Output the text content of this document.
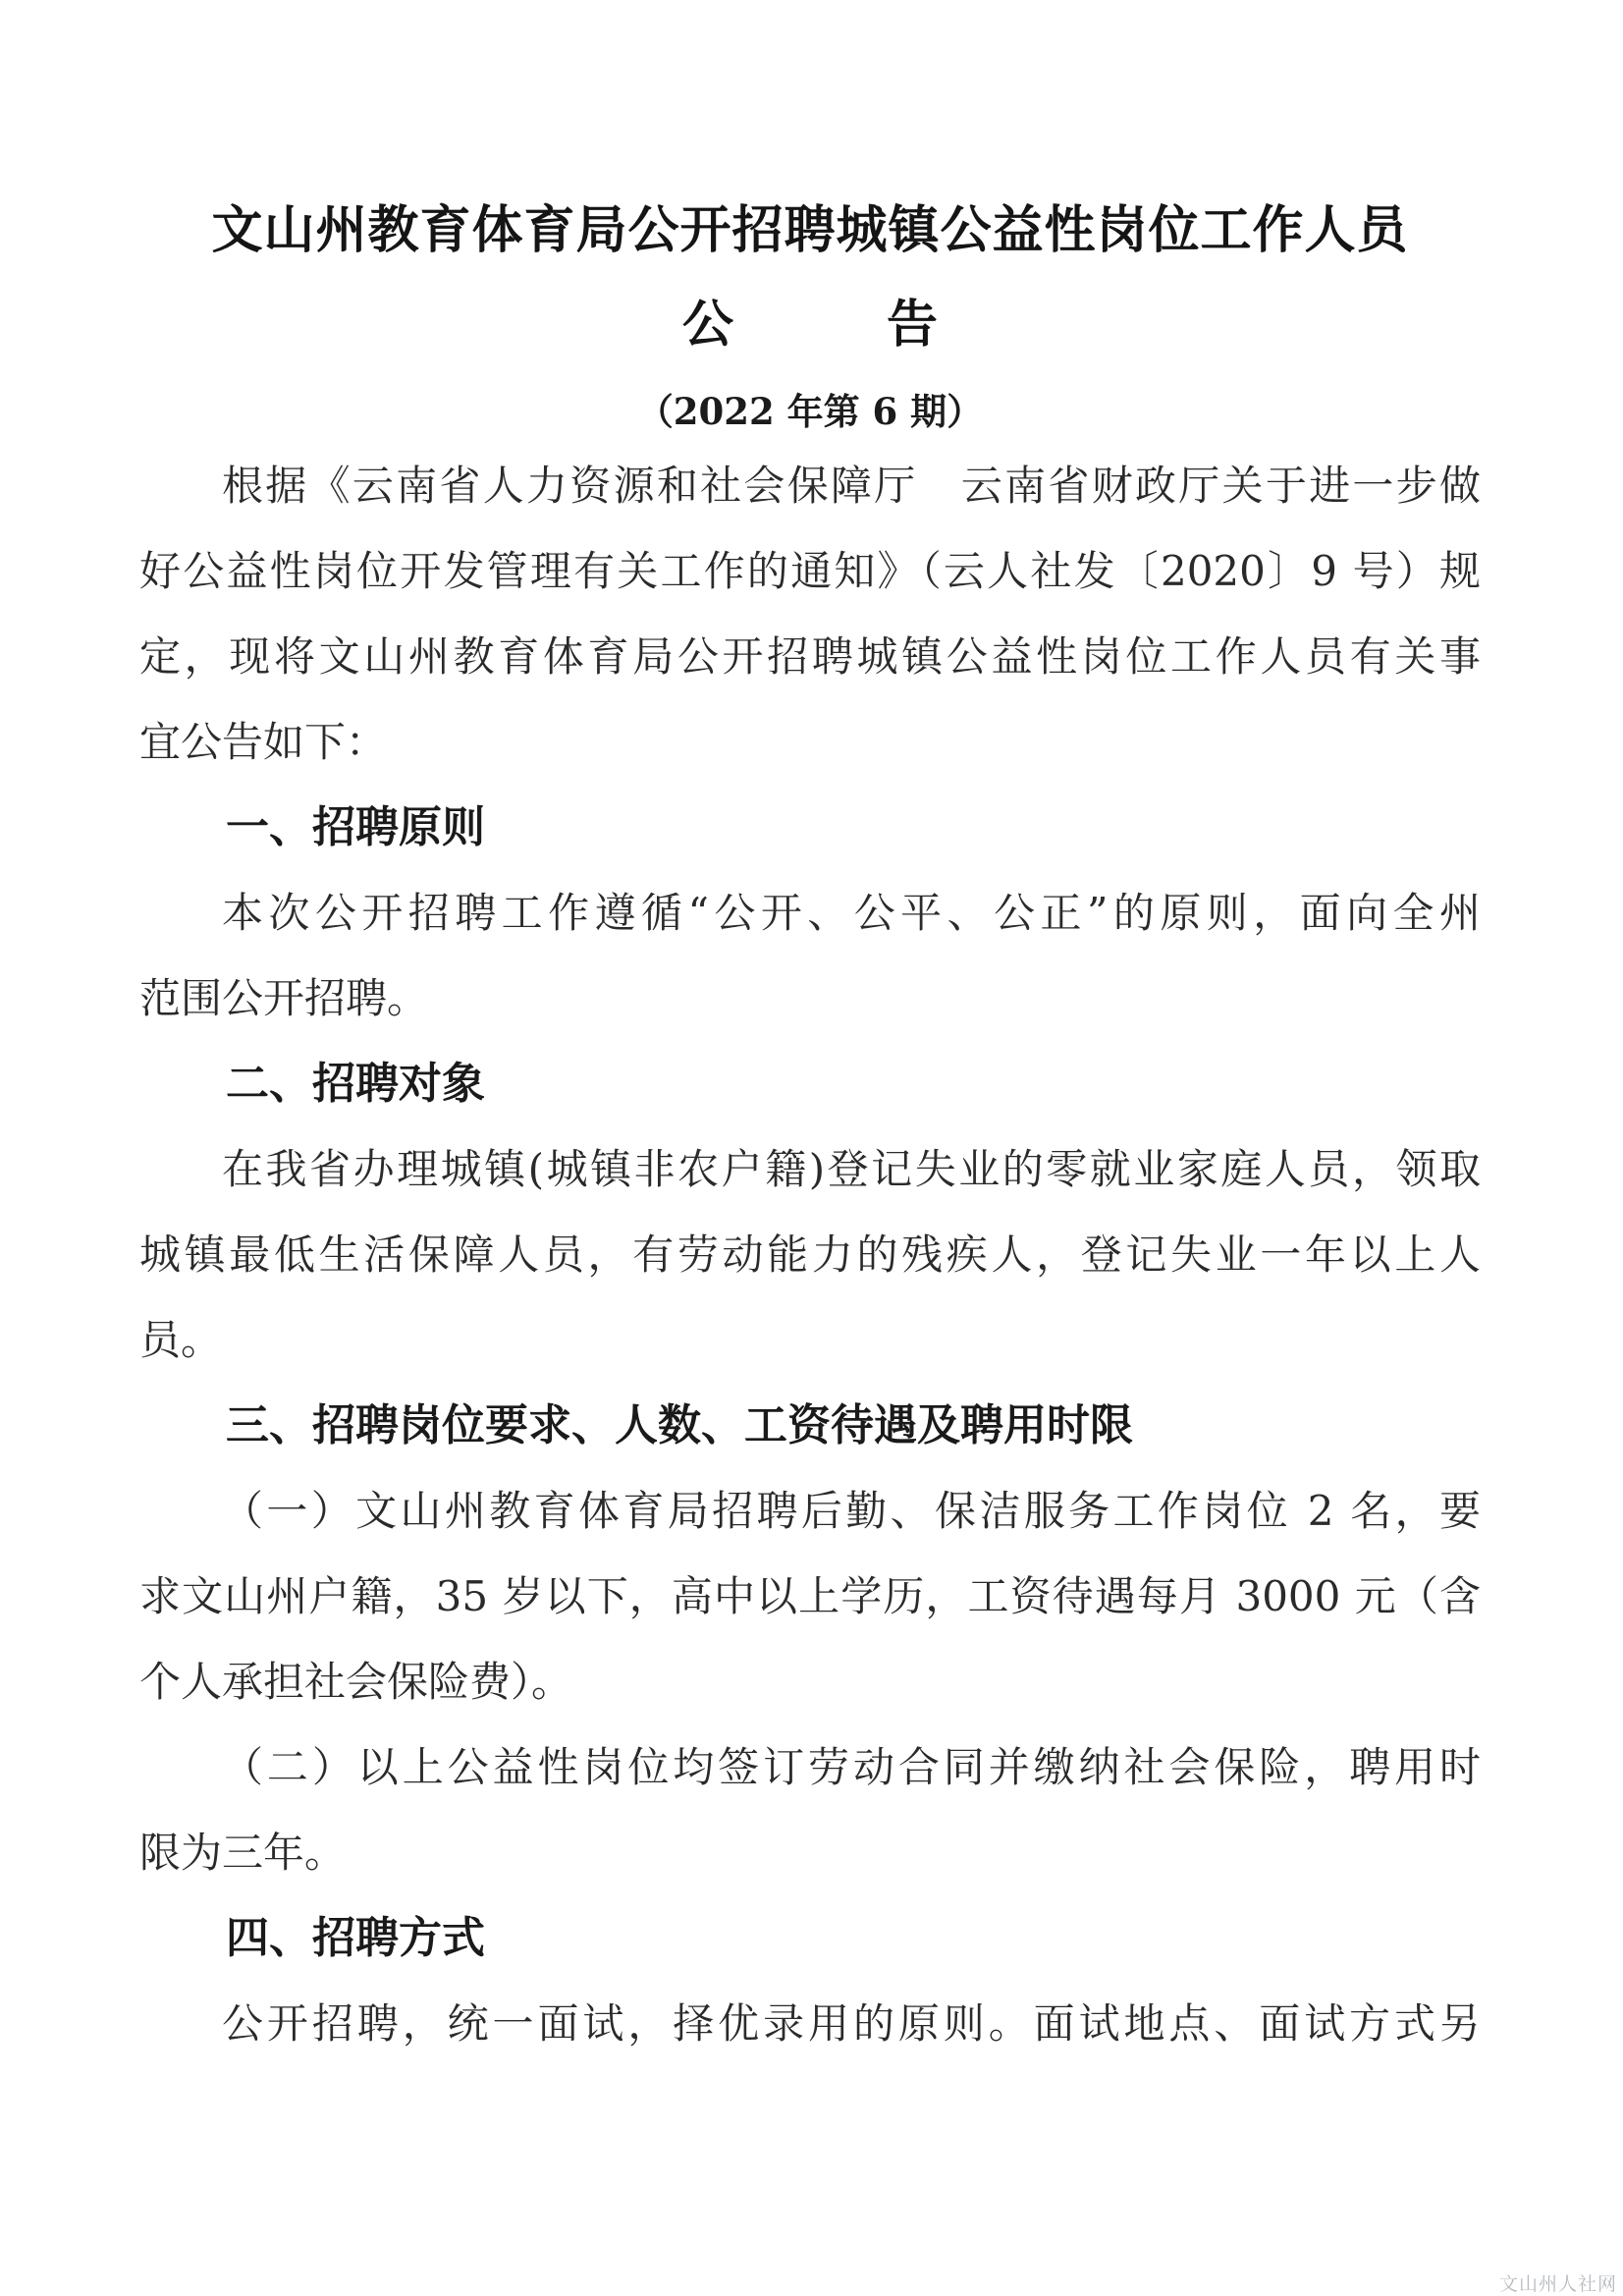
文山州教育体育局公开招聘城镇公益性岗位工作人员
公　　　告
（2022 年第 6 期）
根据《云南省人力资源和社会保障厅　云南省财政厅关于进一步做
好公益性岗位开发管理有关工作的通知》（云人社发〔2020〕9 号）规
定，现将文山州教育体育局公开招聘城镇公益性岗位工作人员有关事
宜公告如下：
一、招聘原则
本次公开招聘工作遵循“公开、公平、公正”的原则，面向全州
范围公开招聘。
二、招聘对象
在我省办理城镇(城镇非农户籍)登记失业的零就业家庭人员，领取
城镇最低生活保障人员，有劳动能力的残疾人，登记失业一年以上人
员。
三、招聘岗位要求、人数、工资待遇及聘用时限
（一）文山州教育体育局招聘后勤、保洁服务工作岗位 2 名，要
求文山州户籍，35 岁以下，高中以上学历，工资待遇每月 3000 元（含
个人承担社会保险费）。
（二）以上公益性岗位均签订劳动合同并缴纳社会保险，聘用时
限为三年。
四、招聘方式
公开招聘，统一面试，择优录用的原则。面试地点、面试方式另
文山州人社网
